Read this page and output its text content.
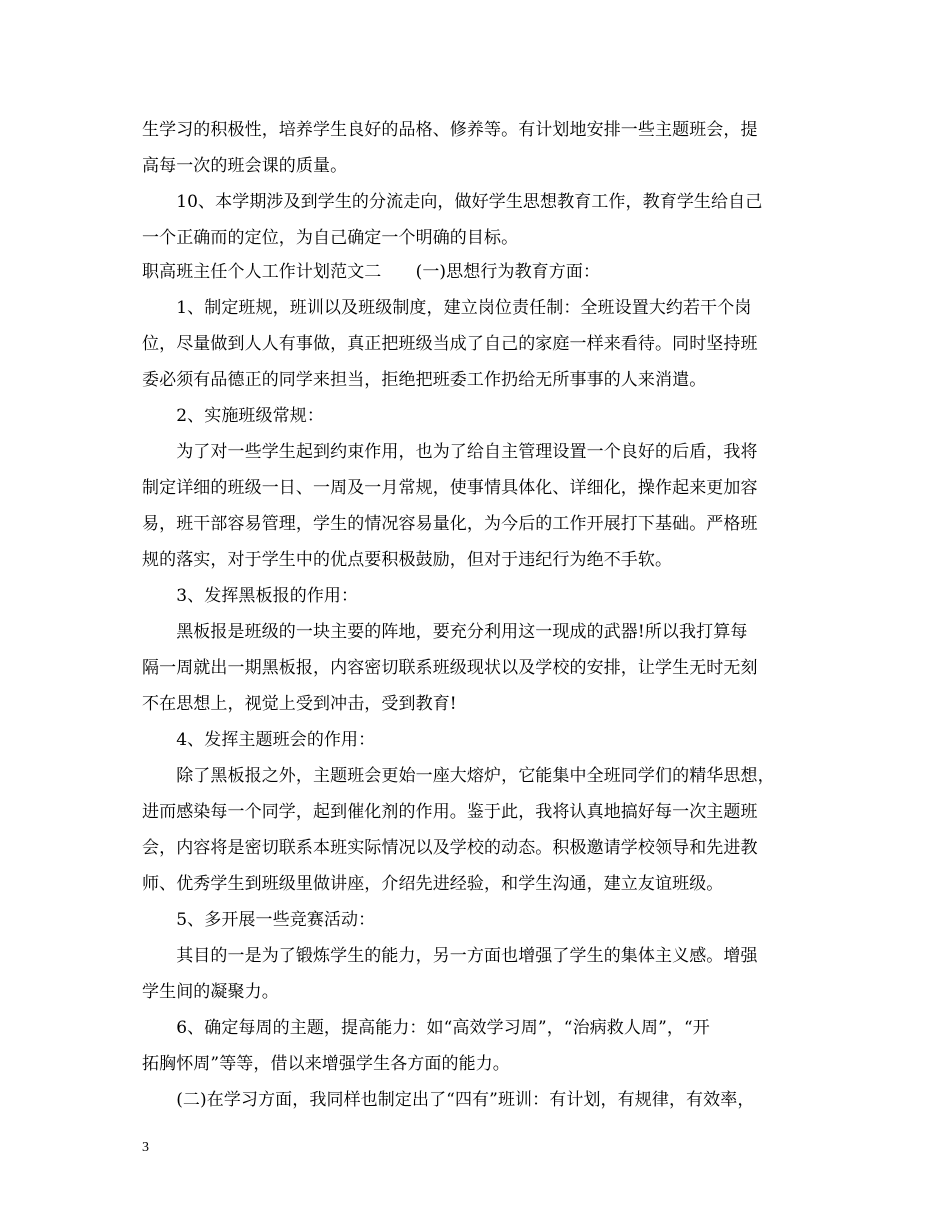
生学习的积极性，培养学生良好的品格、修养等。有计划地安排一些主题班会，提
高每一次的班会课的质量。
　　10、本学期涉及到学生的分流走向，做好学生思想教育工作，教育学生给自己
一个正确而的定位，为自己确定一个明确的目标。
职高班主任个人工作计划范文二　　(一)思想行为教育方面：
　　1、制定班规，班训以及班级制度，建立岗位责任制：全班设置大约若干个岗
位，尽量做到人人有事做，真正把班级当成了自己的家庭一样来看待。同时坚持班
委必须有品德正的同学来担当，拒绝把班委工作扔给无所事事的人来消遣。
　　2、实施班级常规：
　　为了对一些学生起到约束作用，也为了给自主管理设置一个良好的后盾，我将
制定详细的班级一日、一周及一月常规，使事情具体化、详细化，操作起来更加容
易，班干部容易管理，学生的情况容易量化，为今后的工作开展打下基础。严格班
规的落实，对于学生中的优点要积极鼓励，但对于违纪行为绝不手软。
　　3、发挥黑板报的作用：
　　黑板报是班级的一块主要的阵地，要充分利用这一现成的武器!所以我打算每
隔一周就出一期黑板报，内容密切联系班级现状以及学校的安排，让学生无时无刻
不在思想上，视觉上受到冲击，受到教育!
　　4、发挥主题班会的作用：
　　除了黑板报之外，主题班会更始一座大熔炉，它能集中全班同学们的精华思想，
进而感染每一个同学，起到催化剂的作用。鉴于此，我将认真地搞好每一次主题班
会，内容将是密切联系本班实际情况以及学校的动态。积极邀请学校领导和先进教
师、优秀学生到班级里做讲座，介绍先进经验，和学生沟通，建立友谊班级。
　　5、多开展一些竞赛活动：
　　其目的一是为了锻炼学生的能力，另一方面也增强了学生的集体主义感。增强
学生间的凝聚力。
　　6、确定每周的主题，提高能力：如“高效学习周”，“治病救人周”，“开
拓胸怀周”等等，借以来增强学生各方面的能力。
　　(二)在学习方面，我同样也制定出了“四有”班训：有计划，有规律，有效率，
3
